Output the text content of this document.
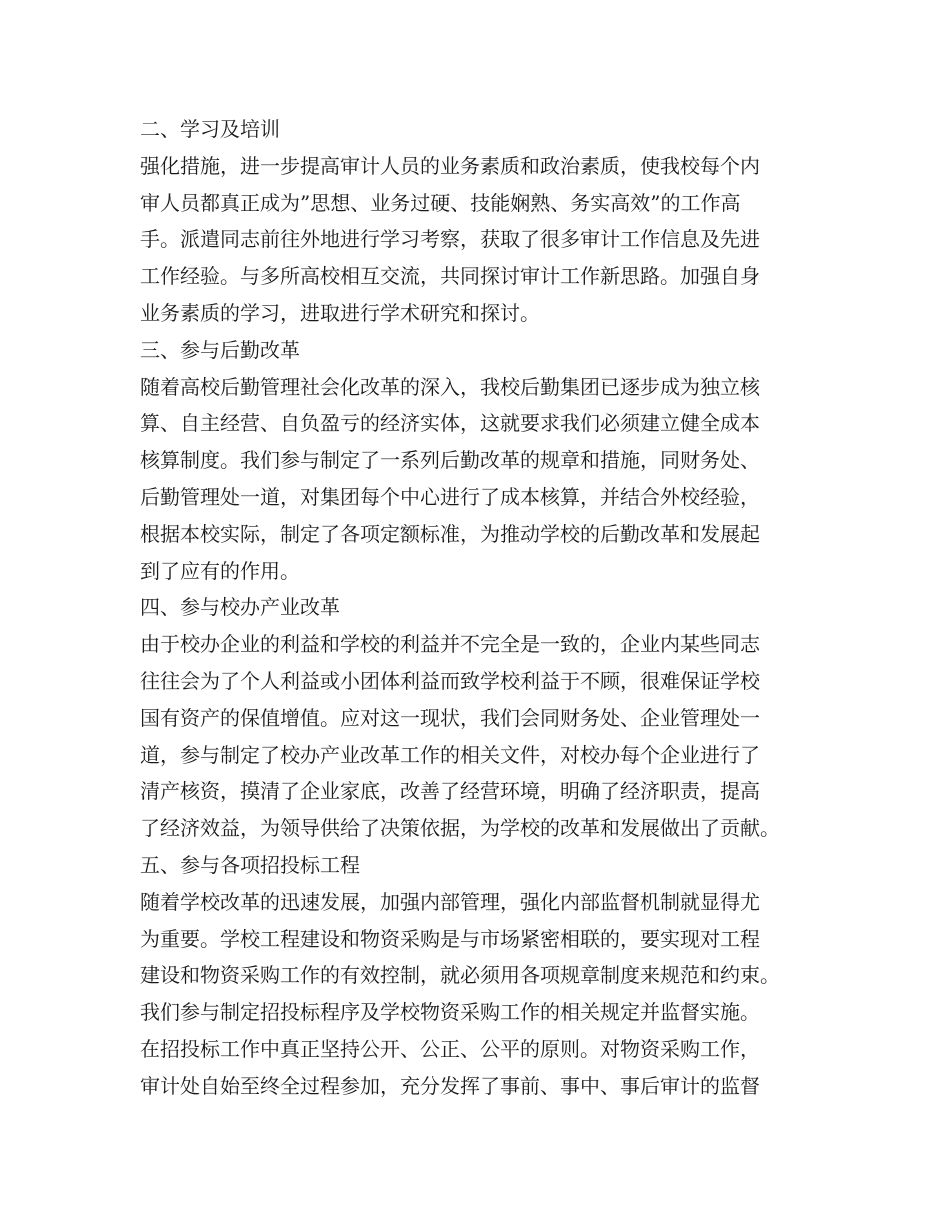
二、学习及培训
强化措施，进一步提高审计人员的业务素质和政治素质，使我校每个内
审人员都真正成为”思想、业务过硬、技能娴熟、务实高效”的工作高
手。派遣同志前往外地进行学习考察，获取了很多审计工作信息及先进
工作经验。与多所高校相互交流，共同探讨审计工作新思路。加强自身
业务素质的学习，进取进行学术研究和探讨。
三、参与后勤改革
随着高校后勤管理社会化改革的深入，我校后勤集团已逐步成为独立核
算、自主经营、自负盈亏的经济实体，这就要求我们必须建立健全成本
核算制度。我们参与制定了一系列后勤改革的规章和措施，同财务处、
后勤管理处一道，对集团每个中心进行了成本核算，并结合外校经验，
根据本校实际，制定了各项定额标准，为推动学校的后勤改革和发展起
到了应有的作用。
四、参与校办产业改革
由于校办企业的利益和学校的利益并不完全是一致的，企业内某些同志
往往会为了个人利益或小团体利益而致学校利益于不顾，很难保证学校
国有资产的保值增值。应对这一现状，我们会同财务处、企业管理处一
道，参与制定了校办产业改革工作的相关文件，对校办每个企业进行了
清产核资，摸清了企业家底，改善了经营环境，明确了经济职责，提高
了经济效益，为领导供给了决策依据，为学校的改革和发展做出了贡献。
五、参与各项招投标工程
随着学校改革的迅速发展，加强内部管理，强化内部监督机制就显得尤
为重要。学校工程建设和物资采购是与市场紧密相联的，要实现对工程
建设和物资采购工作的有效控制，就必须用各项规章制度来规范和约束。
我们参与制定招投标程序及学校物资采购工作的相关规定并监督实施。
在招投标工作中真正坚持公开、公正、公平的原则。对物资采购工作，
审计处自始至终全过程参加，充分发挥了事前、事中、事后审计的监督
